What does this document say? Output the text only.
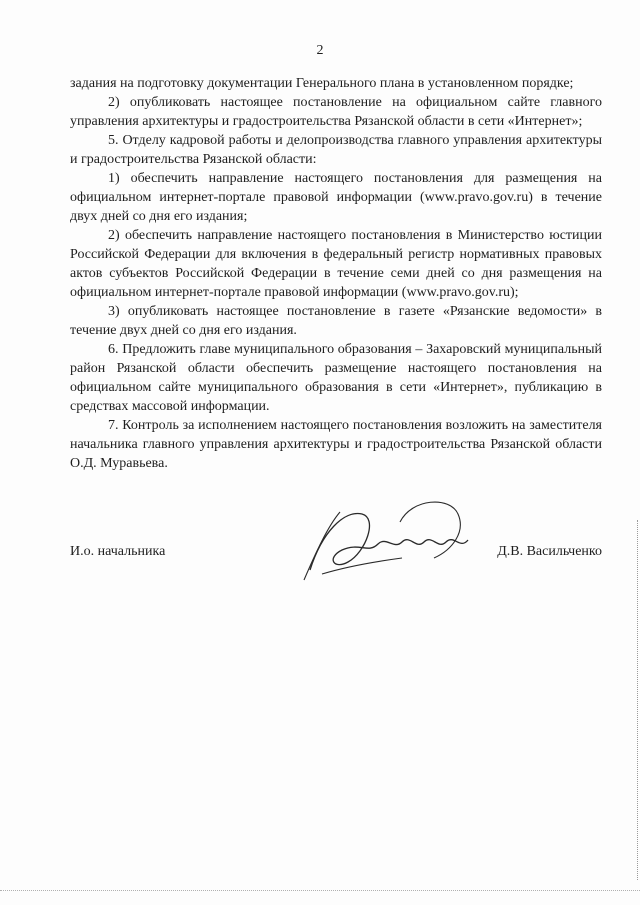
2

задания на подготовку документации Генерального плана в установленном порядке;

2) опубликовать настоящее постановление на официальном сайте главного управления архитектуры и градостроительства Рязанской области в сети «Интернет»;

5. Отделу кадровой работы и делопроизводства главного управления архитектуры и градостроительства Рязанской области:

1) обеспечить направление настоящего постановления для размещения на официальном интернет-портале правовой информации (www.pravo.gov.ru) в течение двух дней со дня его издания;

2) обеспечить направление настоящего постановления в Министерство юстиции Российской Федерации для включения в федеральный регистр нормативных правовых актов субъектов Российской Федерации в течение семи дней со дня размещения на официальном интернет-портале правовой информации (www.pravo.gov.ru);

3) опубликовать настоящее постановление в газете «Рязанские ведомости» в течение двух дней со дня его издания.

6. Предложить главе муниципального образования – Захаровский муниципальный район Рязанской области обеспечить размещение настоящего постановления на официальном сайте муниципального образования в сети «Интернет», публикацию в средствах массовой информации.

7. Контроль за исполнением настоящего постановления возложить на заместителя начальника главного управления архитектуры и градостроительства Рязанской области О.Д. Муравьева.

И.о. начальника	Д.В. Васильченко
